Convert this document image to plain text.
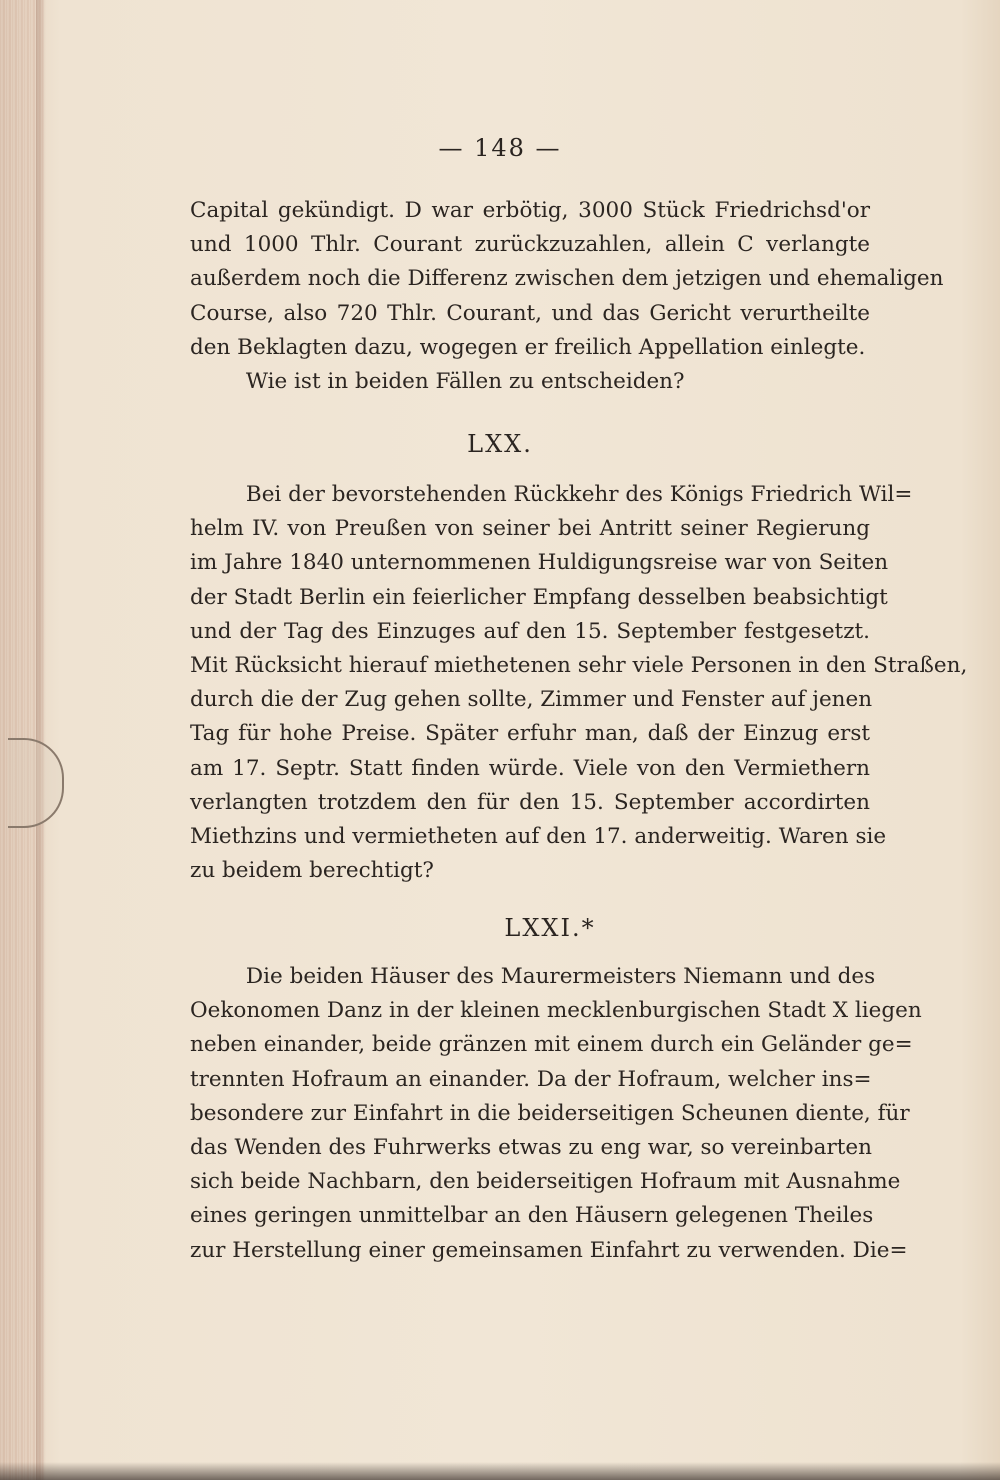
— 148 —
Capital gekündigt. D war erbötig, 3000 Stück Friedrichsd'or
und 1000 Thlr. Courant zurückzuzahlen, allein C verlangte
außerdem noch die Differenz zwischen dem jetzigen und ehemaligen
Course, also 720 Thlr. Courant, und das Gericht verurtheilte
den Beklagten dazu, wogegen er freilich Appellation einlegte.

Wie ist in beiden Fällen zu entscheiden?

LXX.
Bei der bevorstehenden Rückkehr des Königs Friedrich Wil=
helm IV. von Preußen von seiner bei Antritt seiner Regierung
im Jahre 1840 unternommenen Huldigungsreise war von Seiten
der Stadt Berlin ein feierlicher Empfang desselben beabsichtigt
und der Tag des Einzuges auf den 15. September festgesetzt.
Mit Rücksicht hierauf miethetenen sehr viele Personen in den Straßen,
durch die der Zug gehen sollte, Zimmer und Fenster auf jenen
Tag für hohe Preise. Später erfuhr man, daß der Einzug erst
am 17. Septr. Statt finden würde. Viele von den Vermiethern
verlangten trotzdem den für den 15. September accordirten
Miethzins und vermietheten auf den 17. anderweitig. Waren sie
zu beidem berechtigt?
LXXI.*
Die beiden Häuser des Maurermeisters Niemann und des
Oekonomen Danz in der kleinen mecklenburgischen Stadt X liegen
neben einander, beide gränzen mit einem durch ein Geländer ge=
trennten Hofraum an einander. Da der Hofraum, welcher ins=
besondere zur Einfahrt in die beiderseitigen Scheunen diente, für
das Wenden des Fuhrwerks etwas zu eng war, so vereinbarten
sich beide Nachbarn, den beiderseitigen Hofraum mit Ausnahme
eines geringen unmittelbar an den Häusern gelegenen Theiles
zur Herstellung einer gemeinsamen Einfahrt zu verwenden. Die=
